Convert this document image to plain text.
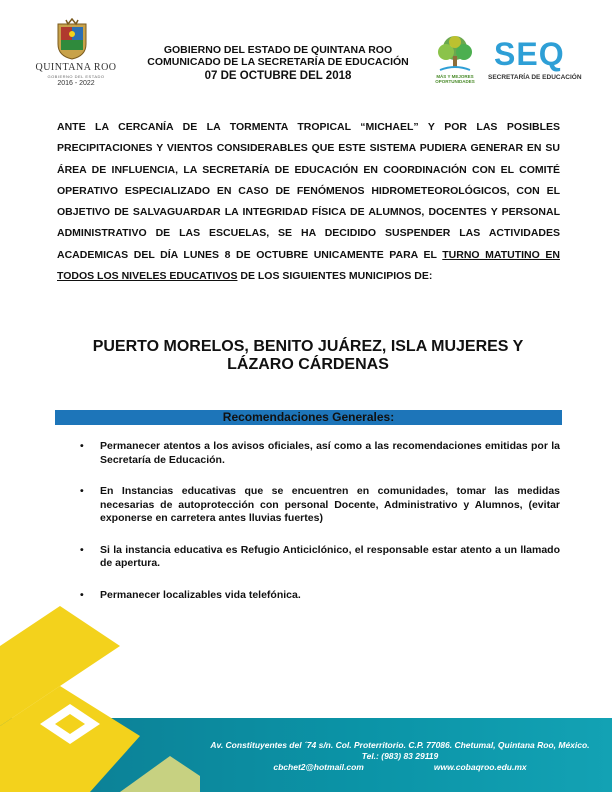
QUINTANA ROO
GOBIERNO DEL ESTADO
2016 - 2022
GOBIERNO DEL ESTADO DE QUINTANA ROO
COMUNICADO DE LA SECRETARÍA DE EDUCACIÓN
07 DE OCTUBRE DEL 2018	MÁS Y MEJORES
OPORTUNIDADES
SEQ
SECRETARÍA DE EDUCACIÓN
ANTE LA CERCANÍA DE LA TORMENTA TROPICAL “MICHAEL” Y POR LAS POSIBLES PRECIPITACIONES Y VIENTOS CONSIDERABLES QUE ESTE SISTEMA PUDIERA GENERAR EN SU ÁREA DE INFLUENCIA, LA SECRETARÍA DE EDUCACIÓN EN COORDINACIÓN CON EL COMITÉ OPERATIVO ESPECIALIZADO EN CASO DE FENÓMENOS HIDROMETEOROLÓGICOS, CON EL OBJETIVO DE SALVAGUARDAR LA INTEGRIDAD FÍSICA DE ALUMNOS, DOCENTES Y PERSONAL ADMINISTRATIVO DE LAS ESCUELAS, SE HA DECIDIDO SUSPENDER LAS ACTIVIDADES ACADEMICAS DEL DÍA LUNES 8 DE OCTUBRE UNICAMENTE PARA EL TURNO MATUTINO EN TODOS LOS NIVELES EDUCATIVOS DE LOS SIGUIENTES MUNICIPIOS DE:
PUERTO MORELOS, BENITO JUÁREZ, ISLA MUJERES Y LÁZARO CÁRDENAS
Recomendaciones Generales:
• Permanecer atentos a los avisos oficiales, así como a las recomendaciones emitidas por la Secretaría de Educación.
• En Instancias educativas que se encuentren en comunidades, tomar las medidas necesarias de autoprotección con personal Docente, Administrativo y Alumnos, (evitar exponerse en carretera antes lluvias fuertes)
• Si la instancia educativa es Refugio Anticiclónico, el responsable estar atento a un llamado de apertura.
• Permanecer localizables vida telefónica.
Av. Constituyentes del ´74 s/n. Col. Proterritorio. C.P. 77086. Chetumal, Quintana Roo, México.
Tel.: (983) 83 29119
cbchet2@hotmail.com	www.cobaqroo.edu.mx
